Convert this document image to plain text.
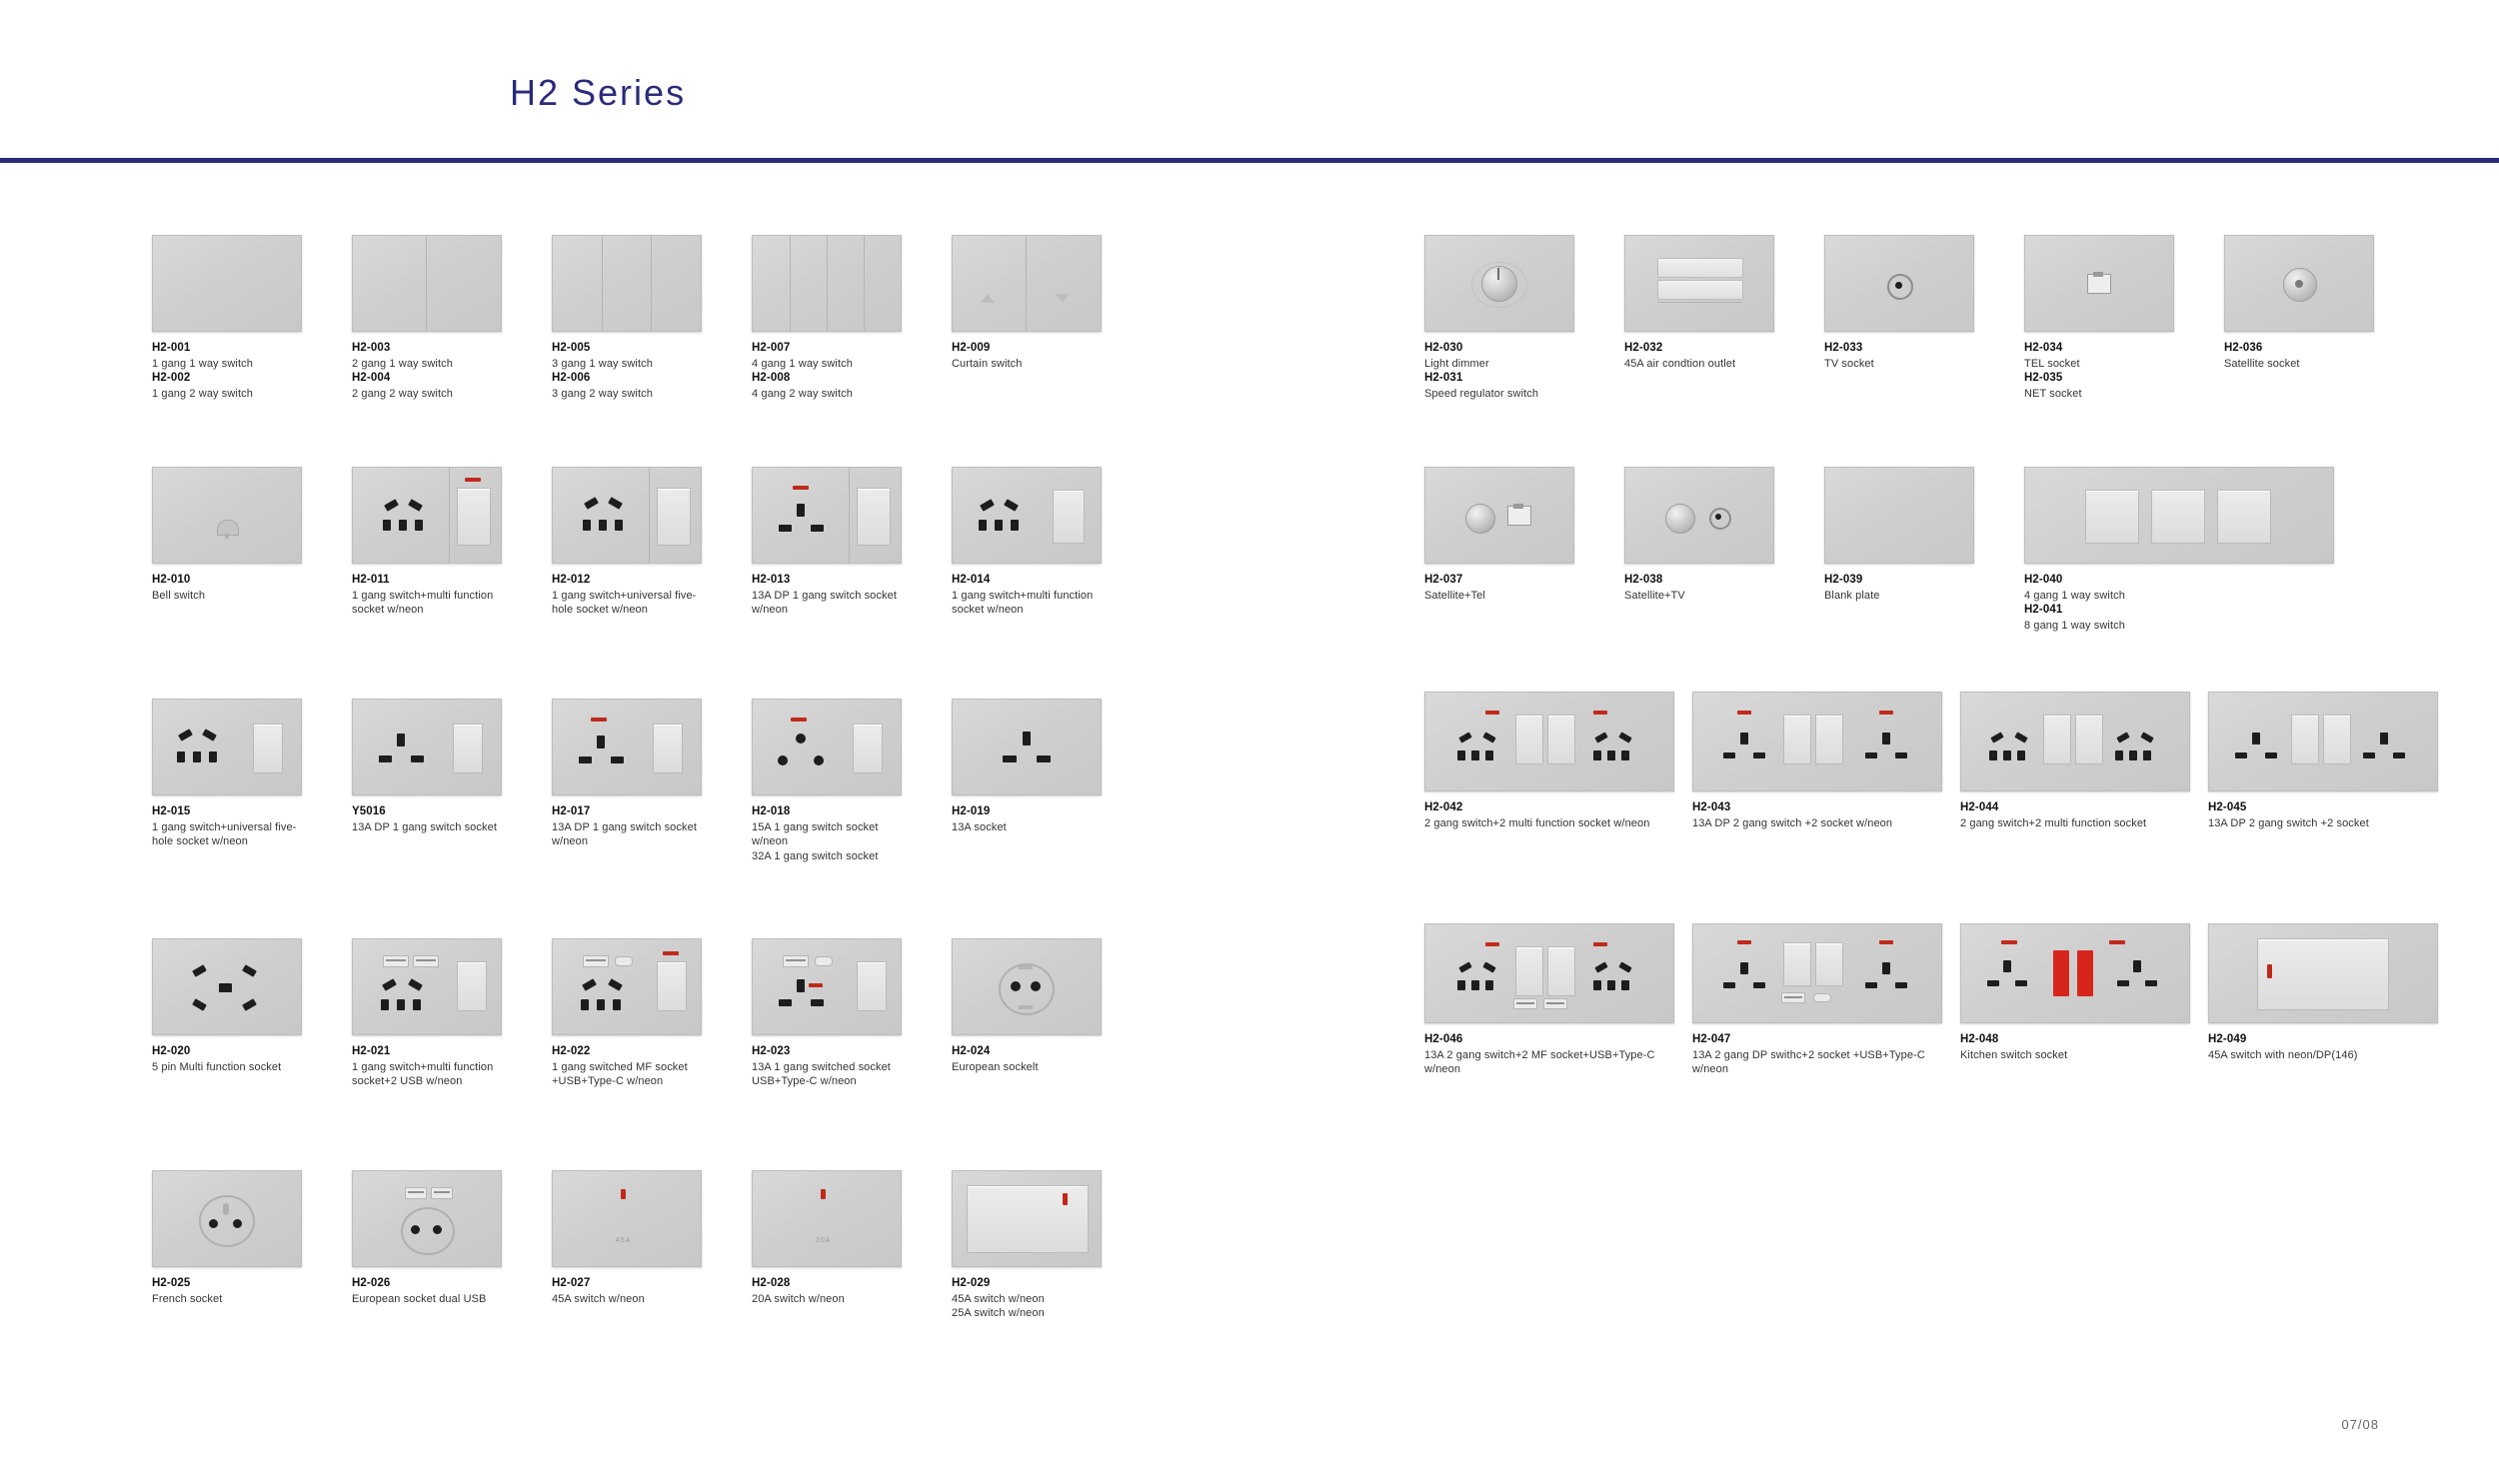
H2 Series
H2-001
1 gang 1 way switch
H2-002
1 gang 2 way switch
H2-003
2 gang 1 way switch
H2-004
2 gang 2 way switch
H2-005
3 gang 1 way switch
H2-006
3 gang 2 way switch
H2-007
4 gang 1 way switch
H2-008
4 gang 2 way switch
H2-009
Curtain switch
H2-010
Bell switch
H2-011
1 gang switch+multi function socket w/neon
H2-012
1 gang switch+universal five-hole socket w/neon
H2-013
13A DP 1 gang switch socket w/neon
H2-014
1 gang switch+multi function socket w/neon
H2-015
1 gang switch+universal five-hole socket w/neon
Y5016
13A DP 1 gang switch socket
H2-017
13A DP 1 gang switch socket w/neon
H2-018
15A 1 gang switch socket w/neon
32A 1 gang switch socket
H2-019
13A socket
H2-020
5 pin Multi function socket
H2-021
1 gang switch+multi function socket+2 USB w/neon
H2-022
1 gang switched MF socket +USB+Type-C w/neon
H2-023
13A 1 gang switched socket USB+Type-C w/neon
H2-024
European sockelt
H2-025
French socket
H2-026
European socket dual USB
45A
H2-027
45A switch w/neon
20A
H2-028
20A switch w/neon
H2-029
45A switch w/neon
25A switch w/neon
H2-030
Light dimmer
H2-031
Speed regulator switch
H2-032
45A air condtion outlet
H2-033
TV socket
H2-034
TEL socket
H2-035
NET socket
H2-036
Satellite socket
H2-037
Satellite+Tel
H2-038
Satellite+TV
H2-039
Blank plate
H2-040
4 gang 1 way switch
H2-041
8 gang 1 way switch
H2-042
2 gang switch+2 multi function socket w/neon
H2-043
13A DP 2 gang switch +2 socket w/neon
H2-044
2 gang switch+2 multi function socket
H2-045
13A DP 2 gang switch +2 socket
H2-046
13A 2 gang switch+2 MF socket+USB+Type-C w/neon
H2-047
13A 2 gang DP swithc+2 socket +USB+Type-C w/neon
H2-048
Kitchen switch socket
H2-049
45A switch with neon/DP(146)
07/08
